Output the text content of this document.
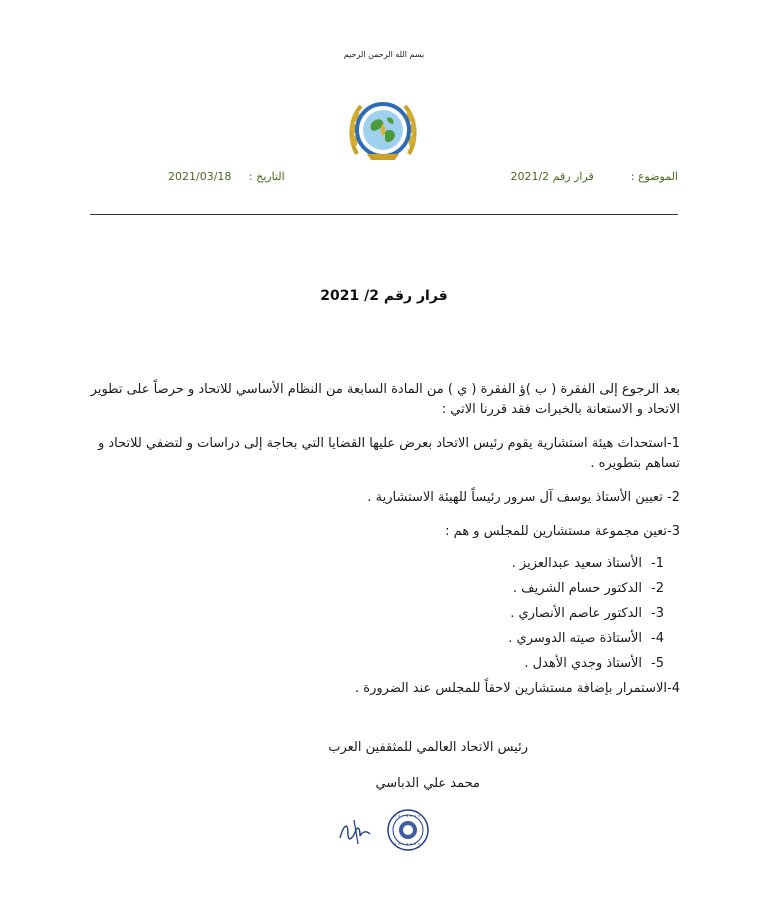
بسم الله الرحمن الرحيم
الموضوع :  قرار رقم 2021/2
التاريخ :     2021/03/18
قرار رقم 2/ 2021

بعد الرجوع إلى الفقرة ( ب )ؤ الفقرة ( ي ) من المادة السابعة من النظام الأساسي للاتحاد و حرصاً على تطوير الاتحاد و الاستعانة بالخبرات فقد قررنا الاتي :

1-استحداث هيئة استشارية يقوم رئيس الاتحاد بعرض عليها القضايا التي بحاجة إلى دراسات و لتضفي للاتحاد و تساهم بتطويره .

2- تعيين الأستاذ يوسف آل سرور رئيساً للهيئة الاستشارية .

3-تعين مجموعة مستشارين للمجلس و هم :

1-الأستاذ سعيد عبدالعزيز .
2-الدكتور حسام الشريف .
3-الدكتور عاصم الأنصاري .
4-الأستاذة صيته الدوسري .
5-الأستاذ وجدي الأهدل .

4-الاستمرار بإضافة مستشارين لاحقاً للمجلس عند الضرورة .

رئيس الاتحاد العالمي للمثقفين العرب
محمد علي الدباسي
